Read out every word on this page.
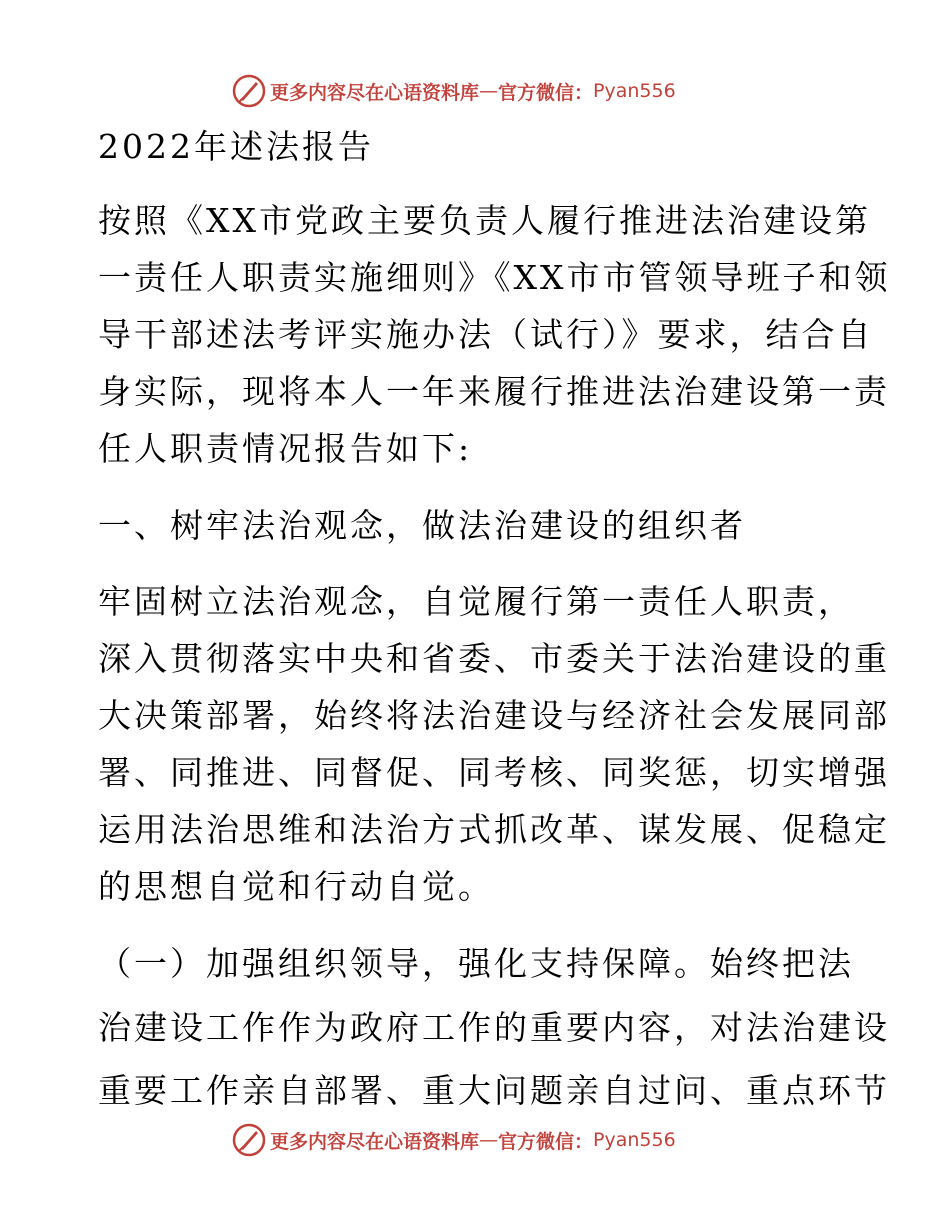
更多内容尽在心语资料库 — 官方微信： Pyan556
2022年述法报告
按照《XX市党政主要负责人履行推进法治建设第
一责任人职责实施细则》《XX市市管领导班子和领
导干部述法考评实施办法（试行）》要求，结合自
身实际，现将本人一年来履行推进法治建设第一责
任人职责情况报告如下:
一、树牢法治观念，做法治建设的组织者
牢固树立法治观念，自觉履行第一责任人职责，
深入贯彻落实中央和省委、市委关于法治建设的重
大决策部署，始终将法治建设与经济社会发展同部
署、同推进、同督促、同考核、同奖惩，切实增强
运用法治思维和法治方式抓改革、谋发展、促稳定
的思想自觉和行动自觉。
（一）加强组织领导，强化支持保障。始终把法
治建设工作作为政府工作的重要内容，对法治建设
重要工作亲自部署、重大问题亲自过问、重点环节
更多内容尽在心语资料库 — 官方微信： Pyan556
